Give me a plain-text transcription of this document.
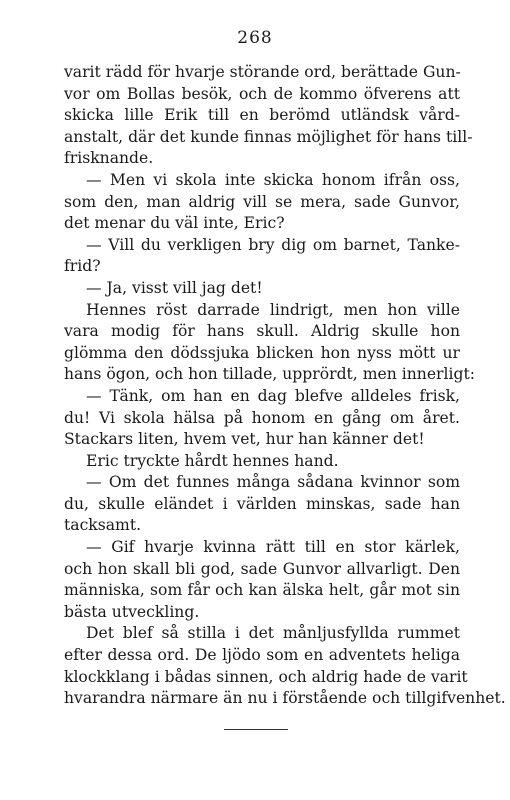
268
varit rädd för hvarje störande ord, berättade Gun-
vor om Bollas besök, och de kommo öfverens att
skicka lille Erik till en berömd utländsk vård-
anstalt, där det kunde finnas möjlighet för hans till-
frisknande.
— Men vi skola inte skicka honom ifrån oss,
som den, man aldrig vill se mera, sade Gunvor,
det menar du väl inte, Eric?
— Vill du verkligen bry dig om barnet, Tanke-
frid?
— Ja, visst vill jag det!
Hennes röst darrade lindrigt, men hon ville
vara modig för hans skull. Aldrig skulle hon
glömma den dödssjuka blicken hon nyss mött ur
hans ögon, och hon tillade, upprördt, men innerligt:
— Tänk, om han en dag blefve alldeles frisk,
du! Vi skola hälsa på honom en gång om året.
Stackars liten, hvem vet, hur han känner det!
Eric tryckte hårdt hennes hand.
— Om det funnes många sådana kvinnor som
du, skulle eländet i världen minskas, sade han
tacksamt.
— Gif hvarje kvinna rätt till en stor kärlek,
och hon skall bli god, sade Gunvor allvarligt. Den
människa, som får och kan älska helt, går mot sin
bästa utveckling.
Det blef så stilla i det månljusfyllda rummet
efter dessa ord. De ljödo som en adventets heliga
klockklang i bådas sinnen, och aldrig hade de varit
hvarandra närmare än nu i förstående och tillgifvenhet.
